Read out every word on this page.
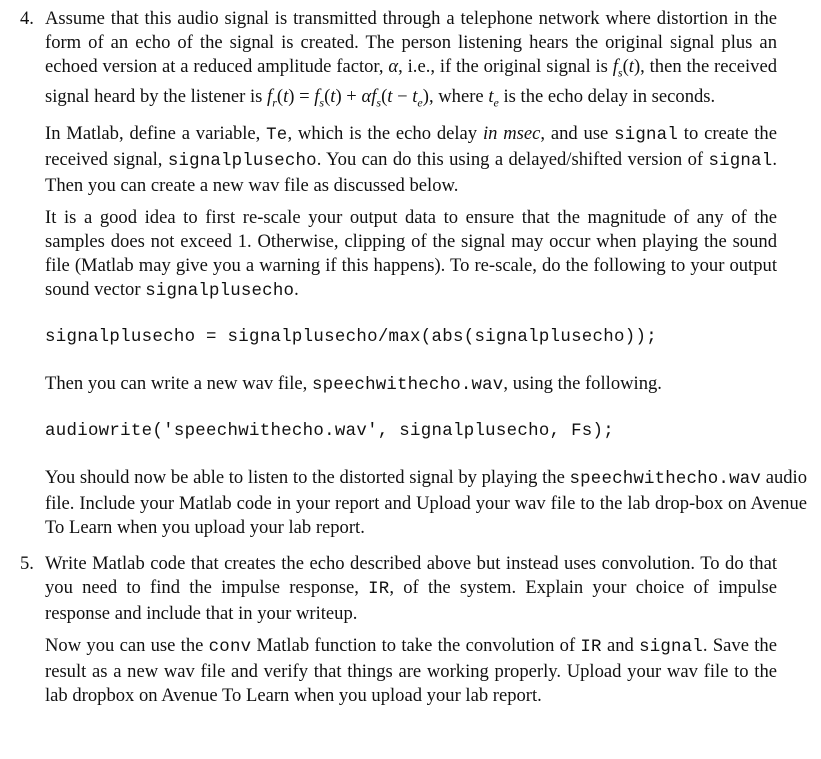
4. Assume that this audio signal is transmitted through a telephone network where distortion in the form of an echo of the signal is created. The person listening hears the original signal plus an echoed version at a reduced amplitude factor, α, i.e., if the original signal is $f_s(t)$, then the received signal heard by the listener is $f_r(t) = f_s(t) + \alpha f_s(t - t_e)$, where $t_e$ is the echo delay in seconds.

In Matlab, define a variable, Te, which is the echo delay in msec, and use signal to create the received signal, signalplusecho. You can do this using a delayed/shifted version of signal. Then you can create a new wav file as discussed below.

It is a good idea to first re-scale your output data to ensure that the magnitude of any of the samples does not exceed 1. Otherwise, clipping of the signal may occur when playing the sound file (Matlab may give you a warning if this happens). To re-scale, do the following to your output sound vector signalplusecho.

signalplusecho = signalplusecho/max(abs(signalplusecho));

Then you can write a new wav file, speechwithecho.wav, using the following.

audiowrite('speechwithecho.wav', signalplusecho, Fs);

You should now be able to listen to the distorted signal by playing the speechwithecho.wav audio file. Include your Matlab code in your report and Upload your wav file to the lab drop-box on Avenue To Learn when you upload your lab report.

5. Write Matlab code that creates the echo described above but instead uses convolution. To do that you need to find the impulse response, IR, of the system. Explain your choice of impulse response and include that in your writeup.

Now you can use the conv Matlab function to take the convolution of IR and signal. Save the result as a new wav file and verify that things are working properly. Upload your wav file to the lab dropbox on Avenue To Learn when you upload your lab report.
